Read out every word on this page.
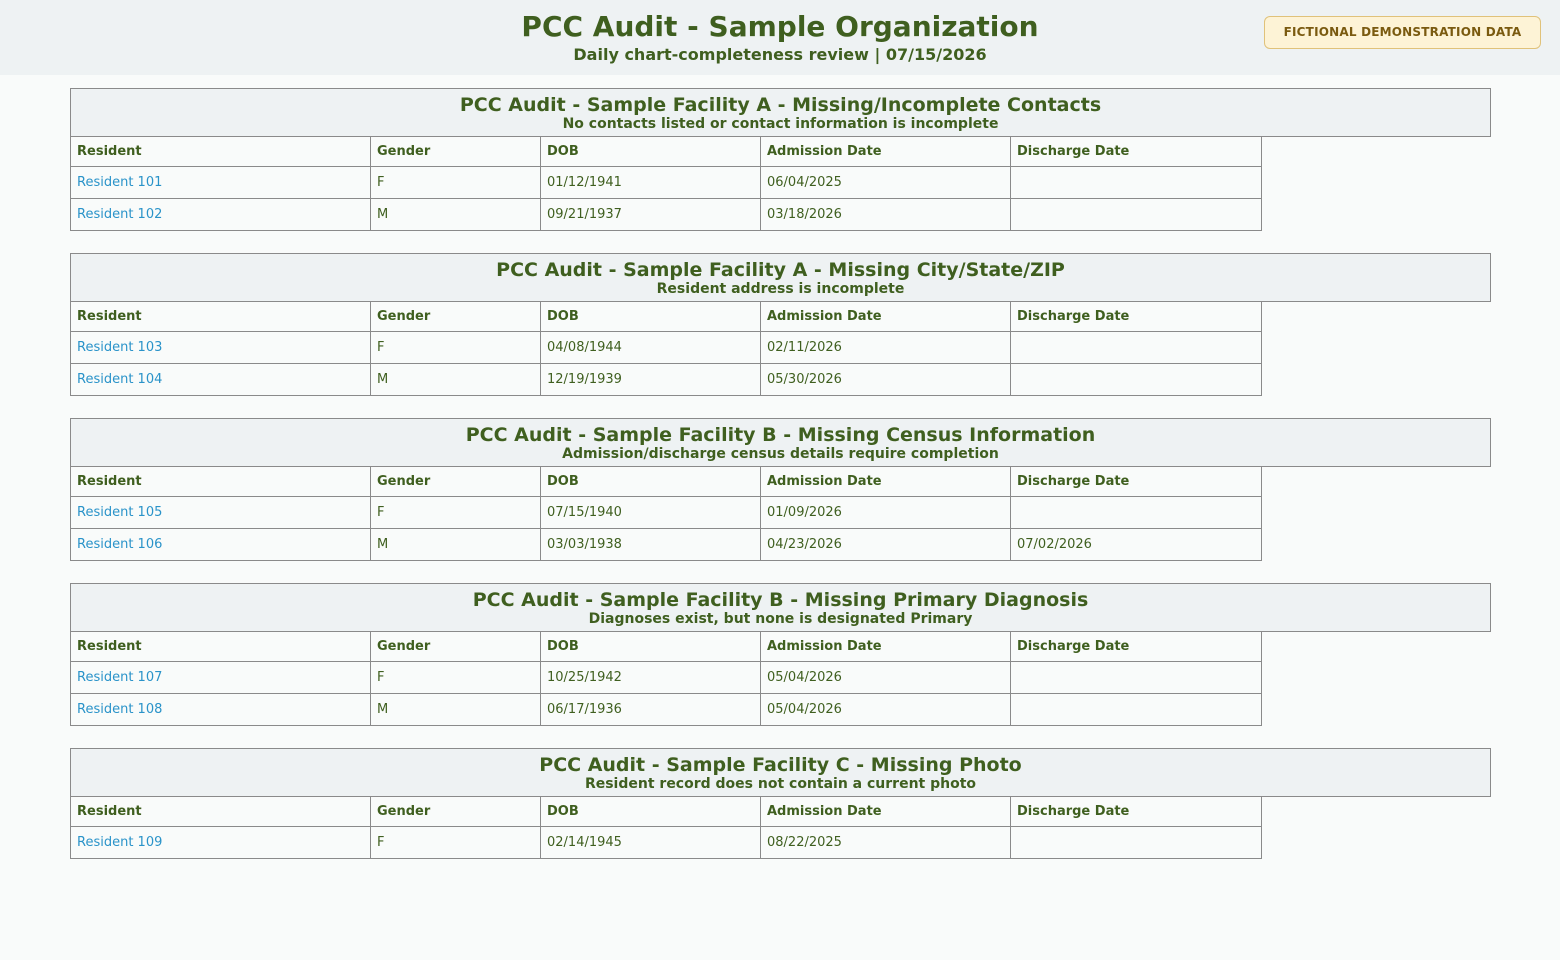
PCC Audit - Sample Organization
Daily chart-completeness review | 07/15/2026
FICTIONAL DEMONSTRATION DATA
PCC Audit - Sample Facility A - Missing/Incomplete Contacts
No contacts listed or contact information is incomplete
Resident	Gender	DOB	Admission Date	Discharge Date
Resident 101	F	01/12/1941	06/04/2025	
Resident 102	M	09/21/1937	03/18/2026	
PCC Audit - Sample Facility A - Missing City/State/ZIP
Resident address is incomplete
Resident	Gender	DOB	Admission Date	Discharge Date
Resident 103	F	04/08/1944	02/11/2026	
Resident 104	M	12/19/1939	05/30/2026	
PCC Audit - Sample Facility B - Missing Census Information
Admission/discharge census details require completion
Resident	Gender	DOB	Admission Date	Discharge Date
Resident 105	F	07/15/1940	01/09/2026	
Resident 106	M	03/03/1938	04/23/2026	07/02/2026
PCC Audit - Sample Facility B - Missing Primary Diagnosis
Diagnoses exist, but none is designated Primary
Resident	Gender	DOB	Admission Date	Discharge Date
Resident 107	F	10/25/1942	05/04/2026	
Resident 108	M	06/17/1936	05/04/2026	
PCC Audit - Sample Facility C - Missing Photo
Resident record does not contain a current photo
Resident	Gender	DOB	Admission Date	Discharge Date
Resident 109	F	02/14/1945	08/22/2025	
